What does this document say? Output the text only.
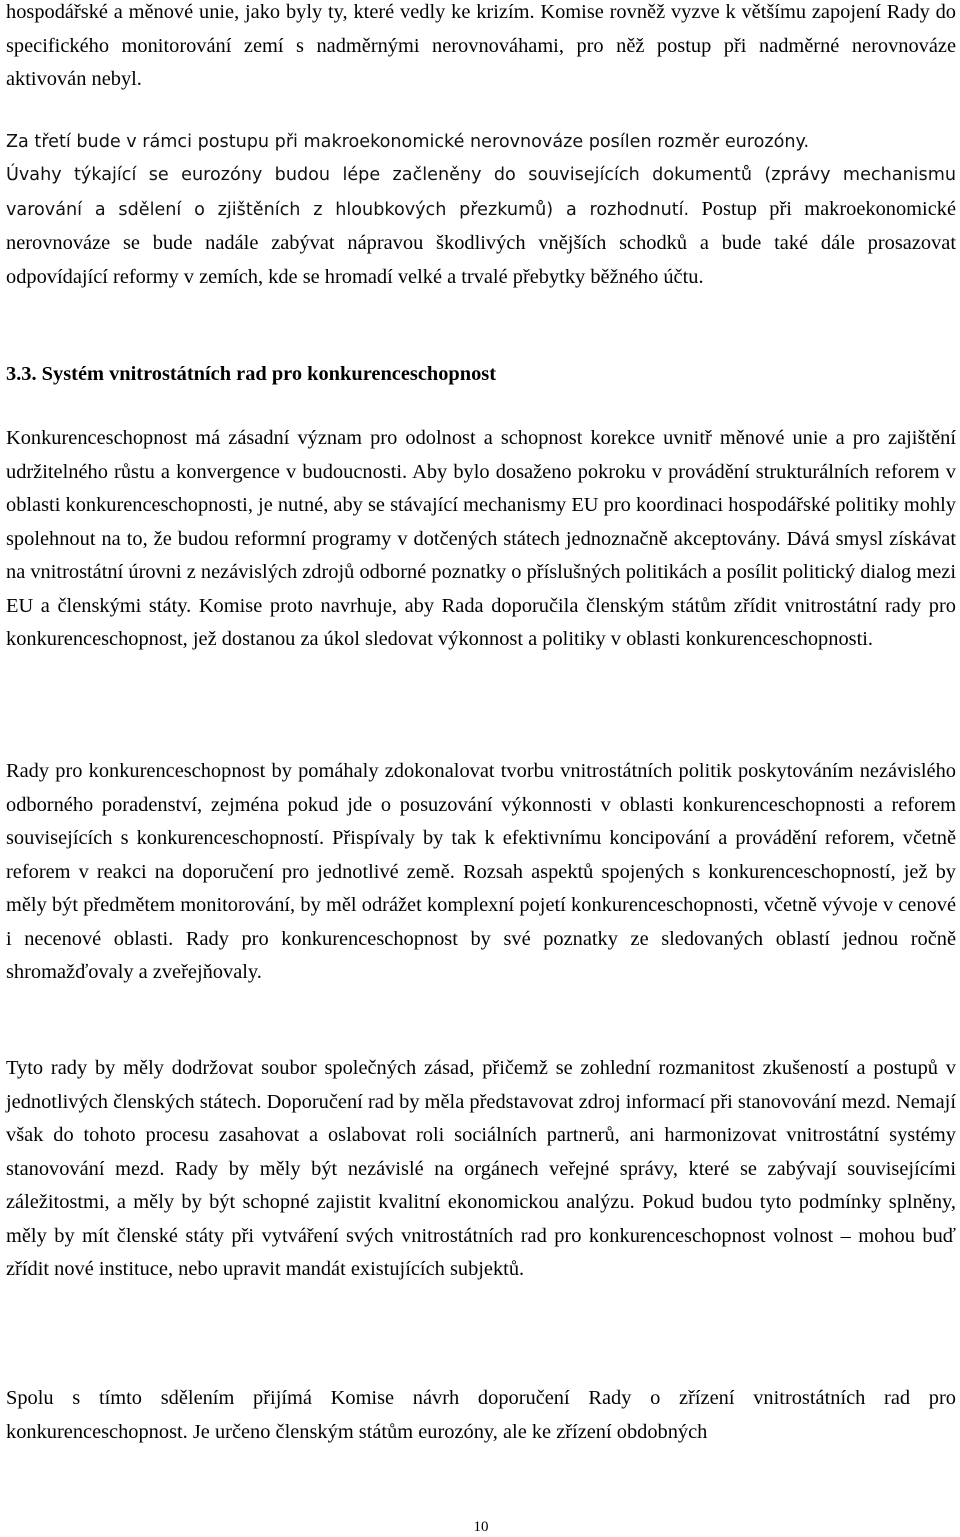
hospodářské a měnové unie, jako byly ty, které vedly ke krizím. Komise rovněž vyzve k většímu zapojení Rady do specifického monitorování zemí s nadměrnými nerovnováhami, pro něž postup při nadměrné nerovnováze aktivován nebyl.

Za třetí bude v rámci postupu při makroekonomické nerovnováze posílen rozměr eurozóny.

Úvahy týkající se eurozóny budou lépe začleněny do souvisejících dokumentů (zprávy mechanismu varování a sdělení o zjištěních z hloubkových přezkumů) a rozhodnutí. Postup při makroekonomické nerovnováze se bude nadále zabývat nápravou škodlivých vnějších schodků a bude také dále prosazovat odpovídající reformy v zemích, kde se hromadí velké a trvalé přebytky běžného účtu.

3.3. Systém vnitrostátních rad pro konkurenceschopnost

Konkurenceschopnost má zásadní význam pro odolnost a schopnost korekce uvnitř měnové unie a pro zajištění udržitelného růstu a konvergence v budoucnosti. Aby bylo dosaženo pokroku v provádění strukturálních reforem v oblasti konkurenceschopnosti, je nutné, aby se stávající mechanismy EU pro koordinaci hospodářské politiky mohly spolehnout na to, že budou reformní programy v dotčených státech jednoznačně akceptovány. Dává smysl získávat na vnitrostátní úrovni z nezávislých zdrojů odborné poznatky o příslušných politikách a posílit politický dialog mezi EU a členskými státy. Komise proto navrhuje, aby Rada doporučila členským státům zřídit vnitrostátní rady pro konkurenceschopnost, jež dostanou za úkol sledovat výkonnost a politiky v oblasti konkurenceschopnosti.

Rady pro konkurenceschopnost by pomáhaly zdokonalovat tvorbu vnitrostátních politik poskytováním nezávislého odborného poradenství, zejména pokud jde o posuzování výkonnosti v oblasti konkurenceschopnosti a reforem souvisejících s konkurenceschopností. Přispívaly by tak k efektivnímu koncipování a provádění reforem, včetně reforem v reakci na doporučení pro jednotlivé země. Rozsah aspektů spojených s konkurenceschopností, jež by měly být předmětem monitorování, by měl odrážet komplexní pojetí konkurenceschopnosti, včetně vývoje v cenové i necenové oblasti. Rady pro konkurenceschopnost by své poznatky ze sledovaných oblastí jednou ročně shromažďovaly a zveřejňovaly.

Tyto rady by měly dodržovat soubor společných zásad, přičemž se zohlední rozmanitost zkušeností a postupů v jednotlivých členských státech. Doporučení rad by měla představovat zdroj informací při stanovování mezd. Nemají však do tohoto procesu zasahovat a oslabovat roli sociálních partnerů, ani harmonizovat vnitrostátní systémy stanovování mezd. Rady by měly být nezávislé na orgánech veřejné správy, které se zabývají souvisejícími záležitostmi, a měly by být schopné zajistit kvalitní ekonomickou analýzu. Pokud budou tyto podmínky splněny, měly by mít členské státy při vytváření svých vnitrostátních rad pro konkurenceschopnost volnost – mohou buď zřídit nové instituce, nebo upravit mandát existujících subjektů.

Spolu s tímto sdělením přijímá Komise návrh doporučení Rady o zřízení vnitrostátních rad pro konkurenceschopnost. Je určeno členským státům eurozóny, ale ke zřízení obdobných

10
